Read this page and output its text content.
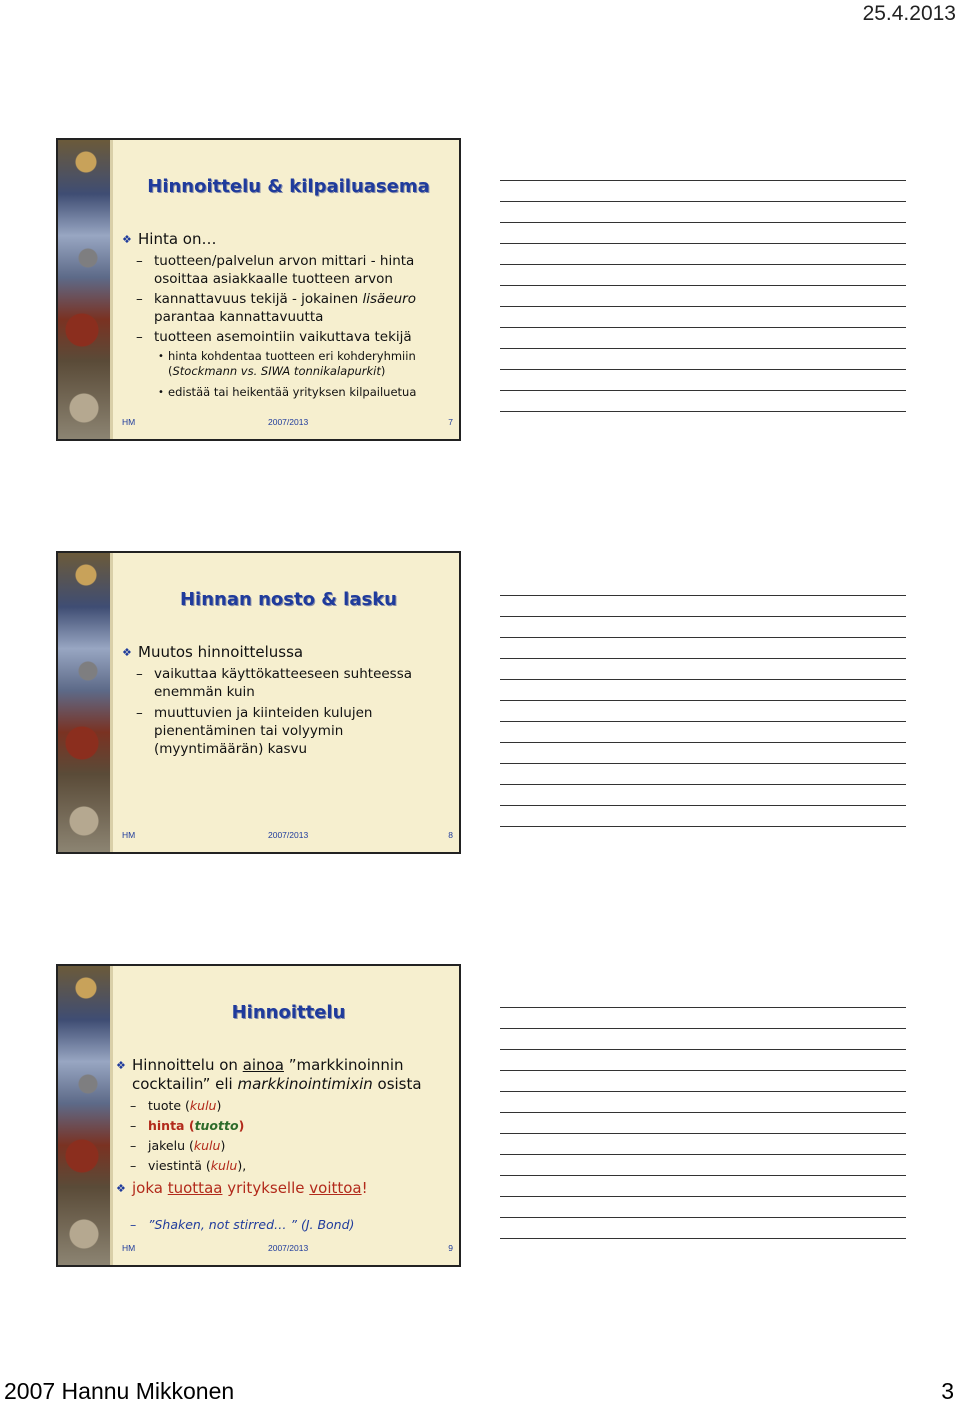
25.4.2013
Hinnoittelu & kilpailuasema
❖ Hinta on…
– tuotteen/palvelun arvon mittari - hinta osoittaa asiakkaalle tuotteen arvon
– kannattavuus tekijä - jokainen lisäeuro parantaa kannattavuutta
– tuotteen asemointiin vaikuttava tekijä
• hinta kohdentaa tuotteen eri kohderyhmiin (Stockmann vs. SIWA tonnikalapurkit)
• edistää tai heikentää yrityksen kilpailuetua
HM	2007/2013	7
Hinnan nosto & lasku
❖ Muutos hinnoittelussa
– vaikuttaa käyttökatteeseen suhteessa enemmän kuin
– muuttuvien ja kiinteiden kulujen pienentäminen tai volyymin (myyntimäärän) kasvu
HM	2007/2013	8
Hinnoittelu
❖ Hinnoittelu on ainoa ”markkinoinnin cocktailin” eli markkinointimixin osista
– tuote (kulu)
– hinta (tuotto)
– jakelu (kulu)
– viestintä (kulu),
❖ joka tuottaa yritykselle voittoa!
– ”Shaken, not stirred… ” (J. Bond)
HM	2007/2013	9
2007 Hannu Mikkonen	3
